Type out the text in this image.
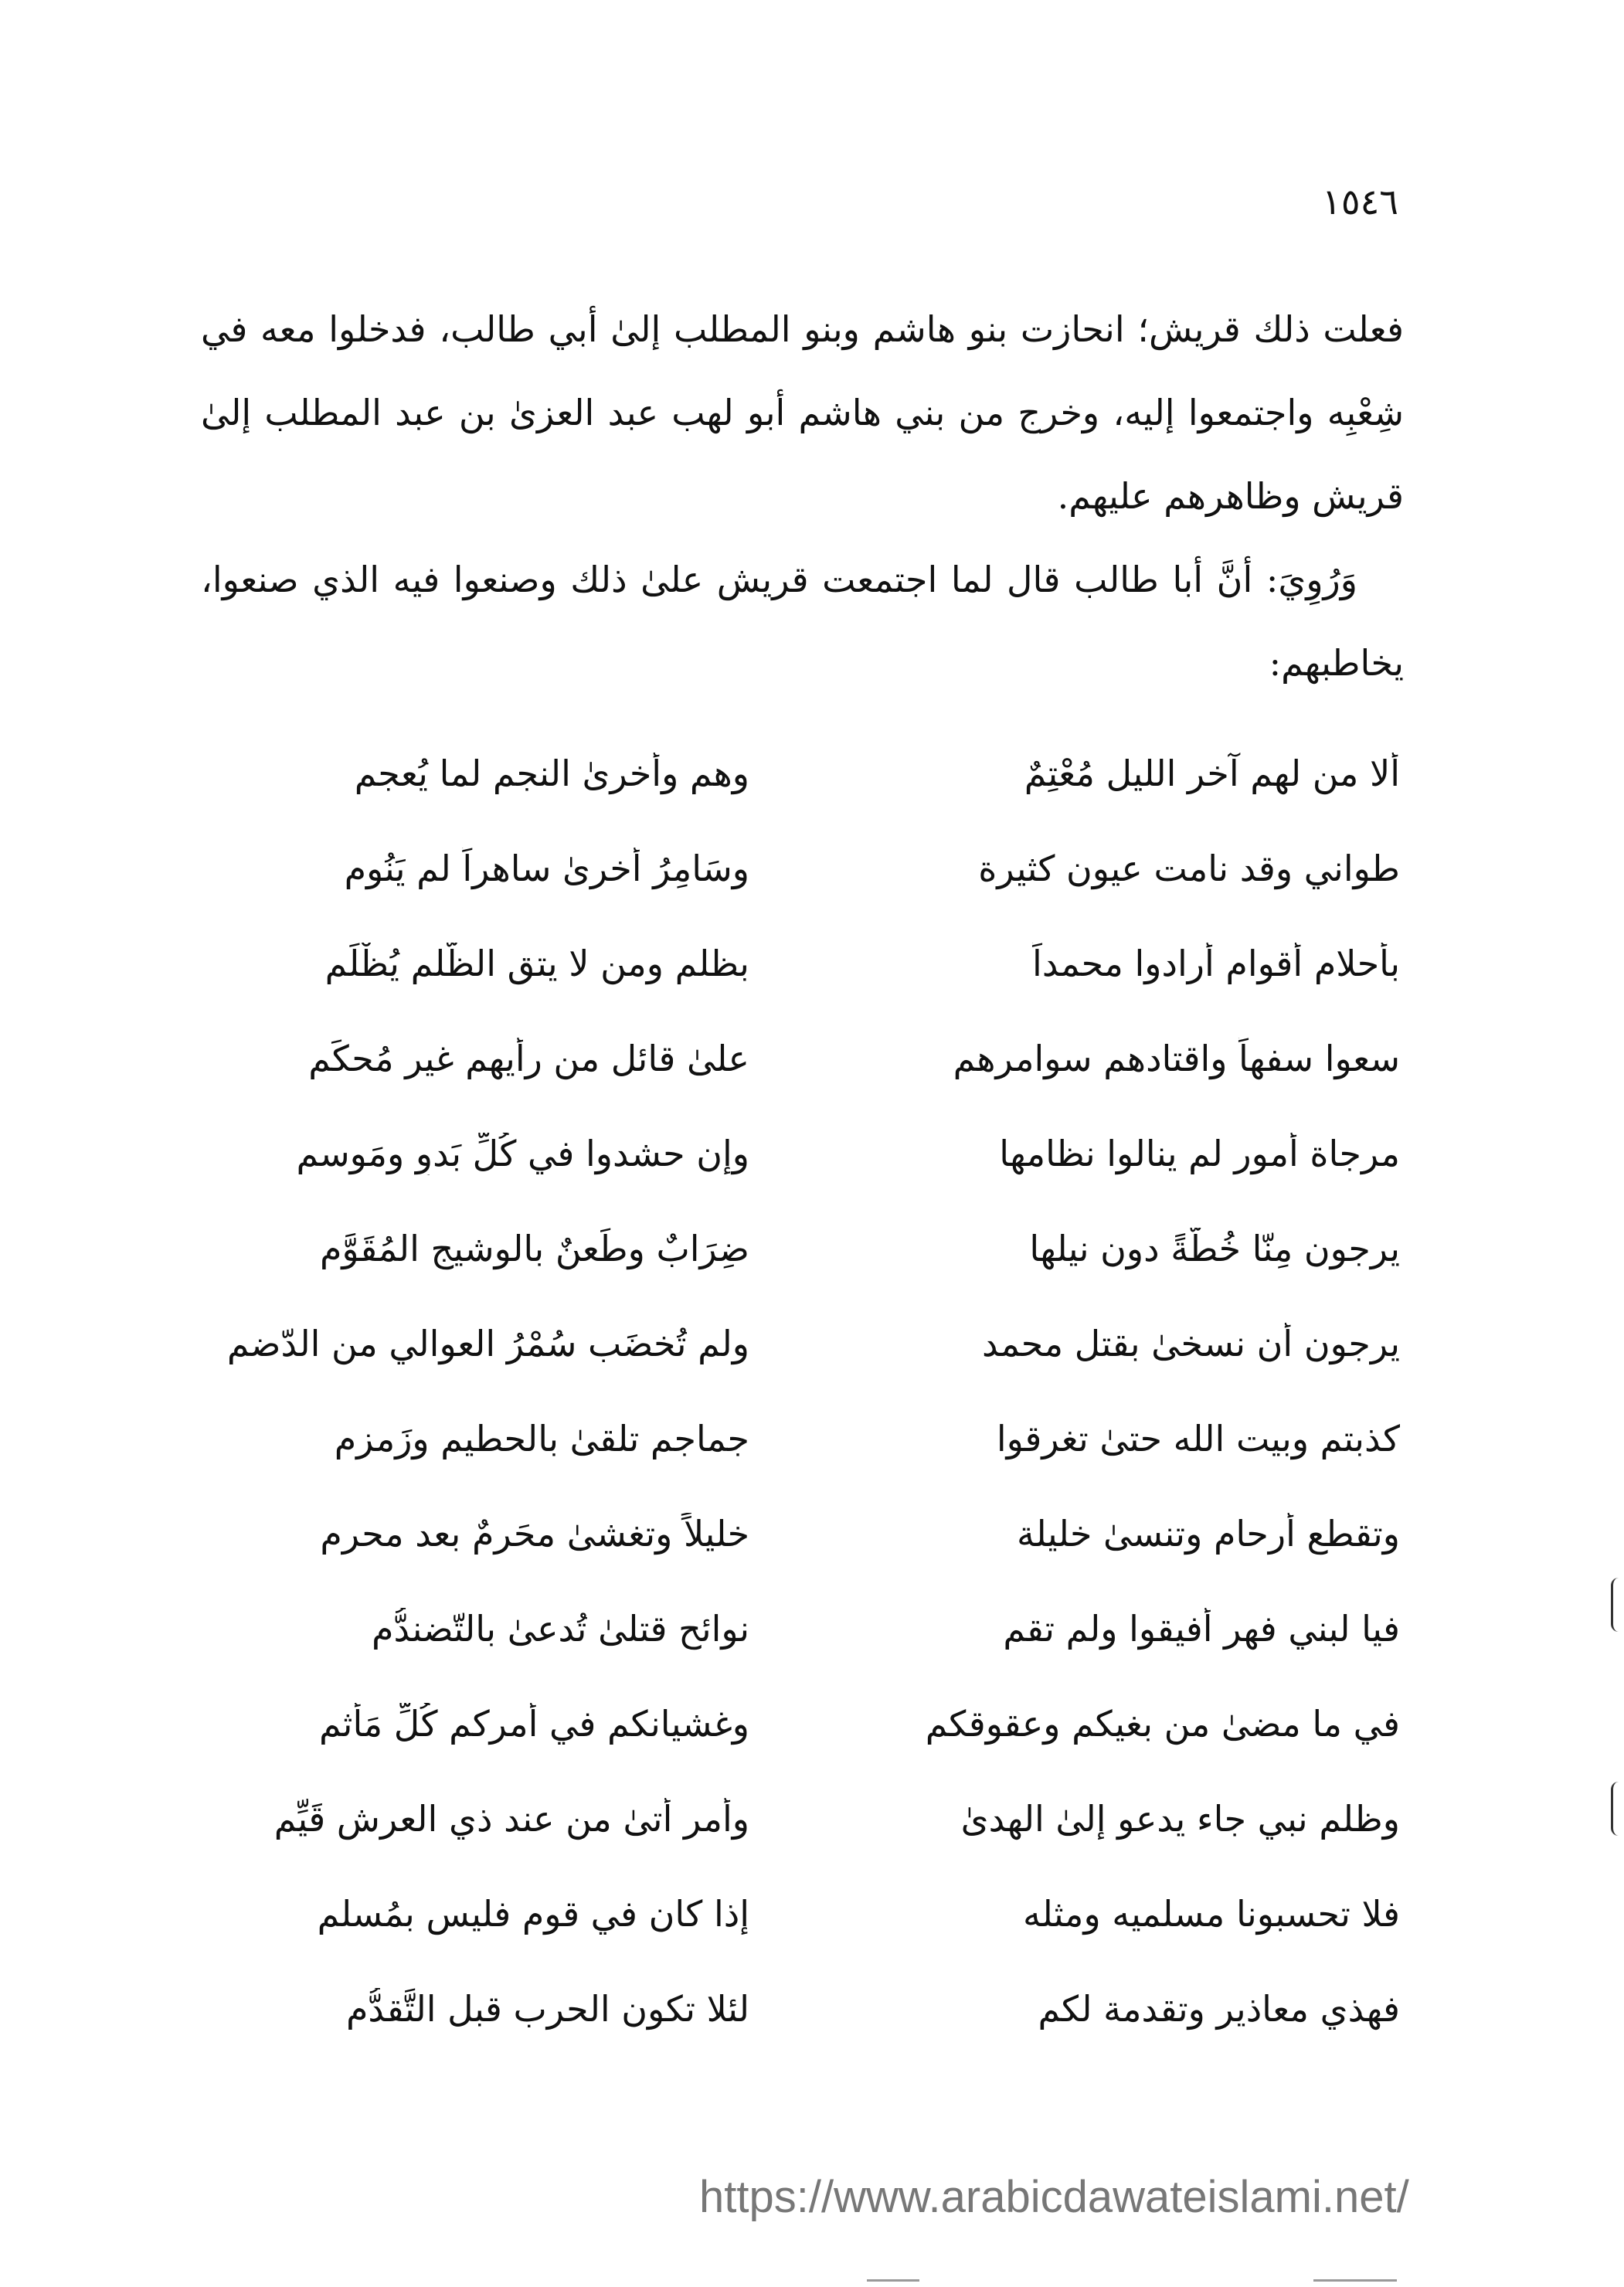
١٥٤٦

فعلت ذلك قريش؛ انحازت بنو هاشم وبنو المطلب إلىٰ أبي طالب، فدخلوا معه في شِعْبِه واجتمعوا إليه، وخرج من بني هاشم أبو لهب عبد العزىٰ بن عبد المطلب إلىٰ قريش وظاهرهم عليهم.

وَرُوِيَ: أنَّ أبا طالب قال لما اجتمعت قريش علىٰ ذلك وصنعوا فيه الذي صنعوا، يخاطبهم:

ألا من لهم آخر الليل مُعْتِمٌ
وهم وأخرىٰ النجم لما يُعجم
طواني وقد نامت عيون كثيرة
وسَامِرُ أخرىٰ ساهراً لم يَنُومِ
بأحلام أقوام أرادوا محمداً
بظلم ومن لا يتق الظُّلم يُظْلَمِ
سعوا سفهاً واقتادهم سوامرهم
علىٰ قائل من رأيهم غير مُحكَمِ
مرجاة أمور لم ينالوا نظامها
وإن حشدوا في كُلِّ بَدوٍ ومَوسمِ
يرجون مِنّا خُطّةً دون نيلها
ضِرَابٌ وطَعنٌ بالوشيج المُقَوَّمِ
يرجون أن نسخىٰ بقتل محمد
ولم تُخضَب سُمْرُ العوالي من الدّضمِ
كذبتم وبيت الله حتىٰ تغرقوا
جماجم تلقىٰ بالحطيم وزَمزمِ
وتقطع أرحام وتنسىٰ خليلة
خليلاً وتغشىٰ محَرمٌ بعد محرم
فيا لبني فهر أفيقوا ولم تقم
نوائح قتلىٰ تُدعىٰ بالتّضندُّمِ
في ما مضىٰ من بغيكم وعقوقكم
وغشيانكم في أمركم كُلِّ مَأثمِ
وظلم نبي جاء يدعو إلىٰ الهدىٰ
وأمر أتىٰ من عند ذي العرش قَيِّمِ
فلا تحسبونا مسلميه ومثله
إذا كان في قوم فليس بمُسلمِ
فهذي معاذير وتقدمة لكم
لئلا تكون الحرب قبل التَّقدُّمِ
https://www.arabicdawateislami.net/
